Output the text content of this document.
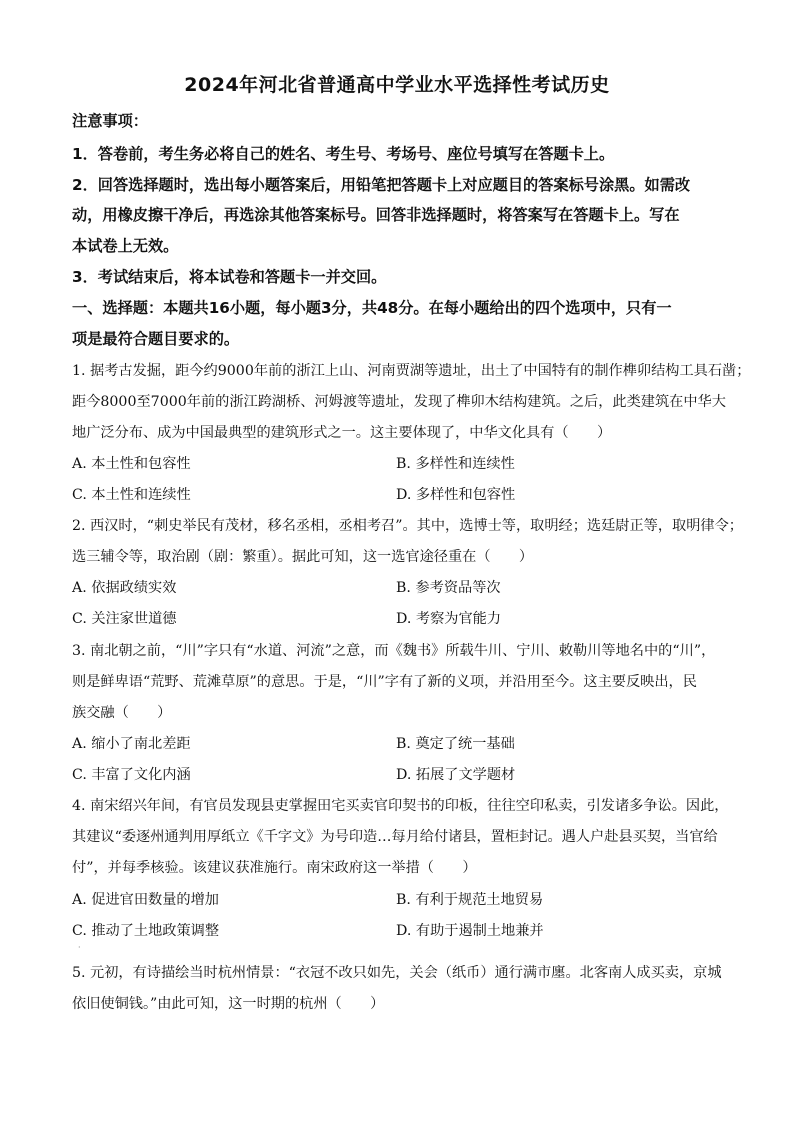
2024年河北省普通高中学业水平选择性考试历史
注意事项：
1．答卷前，考生务必将自己的姓名、考生号、考场号、座位号填写在答题卡上。
2．回答选择题时，选出每小题答案后，用铅笔把答题卡上对应题目的答案标号涂黑。如需改
动，用橡皮擦干净后，再选涂其他答案标号。回答非选择题时，将答案写在答题卡上。写在
本试卷上无效。
3．考试结束后，将本试卷和答题卡一并交回。
一、选择题：本题共16小题，每小题3分，共48分。在每小题给出的四个选项中，只有一
项是最符合题目要求的。
1. 据考古发掘，距今约9000年前的浙江上山、河南贾湖等遗址，出土了中国特有的制作榫卯结构工具石凿；
距今8000至7000年前的浙江跨湖桥、河姆渡等遗址，发现了榫卯木结构建筑。之后，此类建筑在中华大
地广泛分布、成为中国最典型的建筑形式之一。这主要体现了，中华文化具有（　　）
A. 本土性和包容性	B. 多样性和连续性
C. 本土性和连续性	D. 多样性和包容性
2. 西汉时，“刺史举民有茂材，移名丞相，丞相考召”。其中，选博士等，取明经；选廷尉正等，取明律令；
选三辅令等，取治剧（剧：繁重）。据此可知，这一选官途径重在（　　）
A. 依据政绩实效	B. 参考资品等次
C. 关注家世道德	D. 考察为官能力
3. 南北朝之前，“川”字只有“水道、河流”之意，而《魏书》所载牛川、宁川、敕勒川等地名中的“川”，
则是鲜卑语“荒野、荒滩草原”的意思。于是，“川”字有了新的义项，并沿用至今。这主要反映出，民
族交融（　　）
A. 缩小了南北差距	B. 奠定了统一基础
C. 丰富了文化内涵	D. 拓展了文学题材
4. 南宋绍兴年间，有官员发现县吏掌握田宅买卖官印契书的印板，往往空印私卖，引发诸多争讼。因此，
其建议“委逐州通判用厚纸立《千字文》为号印造…每月给付诸县，置柜封记。遇人户赴县买契，当官给
付”，并每季核验。该建议获准施行。南宋政府这一举措（　　）
A. 促进官田数量的增加	B. 有利于规范土地贸易
C. 推动了土地政策调整	D. 有助于遏制土地兼并
·
5. 元初，有诗描绘当时杭州情景：“衣冠不改只如先，关会（纸币）通行满市廛。北客南人成买卖，京城
依旧使铜钱。”由此可知，这一时期的杭州（　　）
